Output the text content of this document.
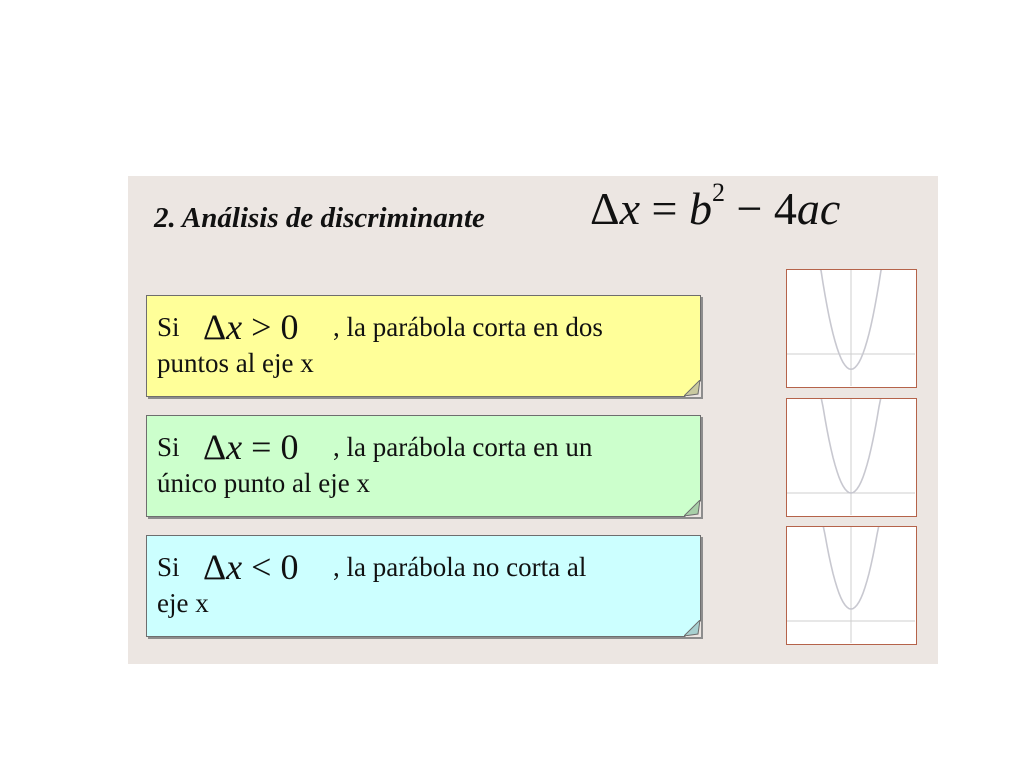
2. Análisis de discriminante $\Delta x = b^2 - 4ac$
Si Δx > 0 , la parábola corta en dos
puntos al eje x
Si Δx = 0 , la parábola corta en un
único punto al eje x
Si Δx < 0 , la parábola no corta al
eje x
